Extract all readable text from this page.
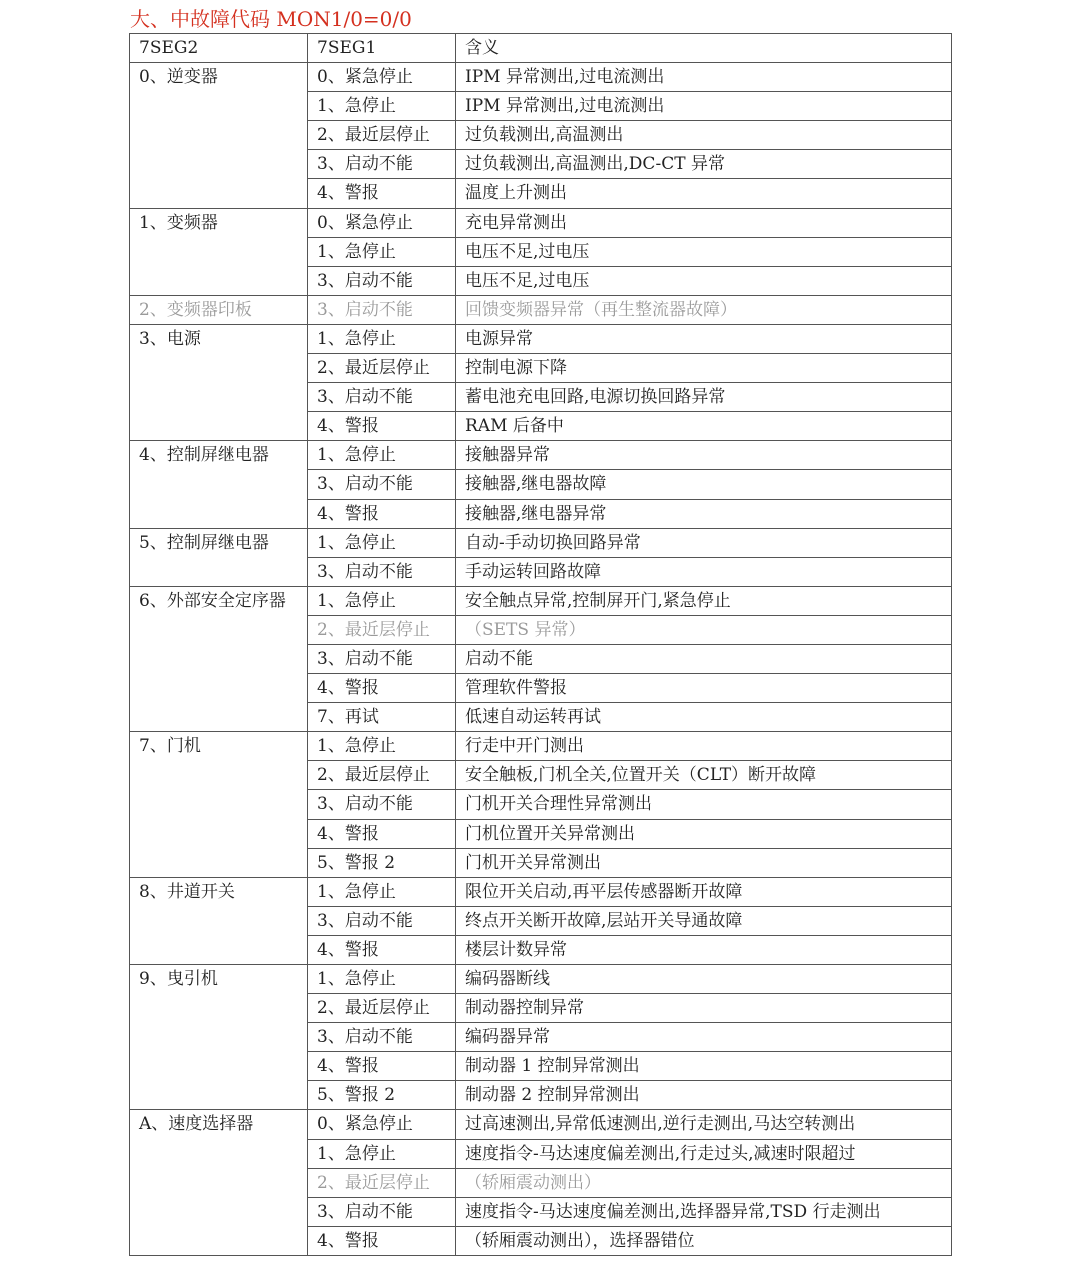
大、中故障代码 MON1/0=0/0
7SEG2	7SEG1	含义
0、逆变器	0、紧急停止	IPM 异常测出,过电流测出
	1、急停止	IPM 异常测出,过电流测出
	2、最近层停止	过负载测出,高温测出
	3、启动不能	过负载测出,高温测出,DC-CT 异常
	4、警报	温度上升测出
1、变频器	0、紧急停止	充电异常测出
	1、急停止	电压不足,过电压
	3、启动不能	电压不足,过电压
2、变频器印板	3、启动不能	回馈变频器异常（再生整流器故障）
3、电源	1、急停止	电源异常
	2、最近层停止	控制电源下降
	3、启动不能	蓄电池充电回路,电源切换回路异常
	4、警报	RAM 后备中
4、控制屏继电器	1、急停止	接触器异常
	3、启动不能	接触器,继电器故障
	4、警报	接触器,继电器异常
5、控制屏继电器	1、急停止	自动-手动切换回路异常
	3、启动不能	手动运转回路故障
6、外部安全定序器	1、急停止	安全触点异常,控制屏开门,紧急停止
	2、最近层停止	（SETS 异常）
	3、启动不能	启动不能
	4、警报	管理软件警报
	7、再试	低速自动运转再试
7、门机	1、急停止	行走中开门测出
	2、最近层停止	安全触板,门机全关,位置开关（CLT）断开故障
	3、启动不能	门机开关合理性异常测出
	4、警报	门机位置开关异常测出
	5、警报 2	门机开关异常测出
8、井道开关	1、急停止	限位开关启动,再平层传感器断开故障
	3、启动不能	终点开关断开故障,层站开关导通故障
	4、警报	楼层计数异常
9、曳引机	1、急停止	编码器断线
	2、最近层停止	制动器控制异常
	3、启动不能	编码器异常
	4、警报	制动器 1 控制异常测出
	5、警报 2	制动器 2 控制异常测出
A、速度选择器	0、紧急停止	过高速测出,异常低速测出,逆行走测出,马达空转测出
	1、急停止	速度指令-马达速度偏差测出,行走过头,减速时限超过
	2、最近层停止	（轿厢震动测出）
	3、启动不能	速度指令-马达速度偏差测出,选择器异常,TSD 行走测出
	4、警报	（轿厢震动测出），选择器错位
